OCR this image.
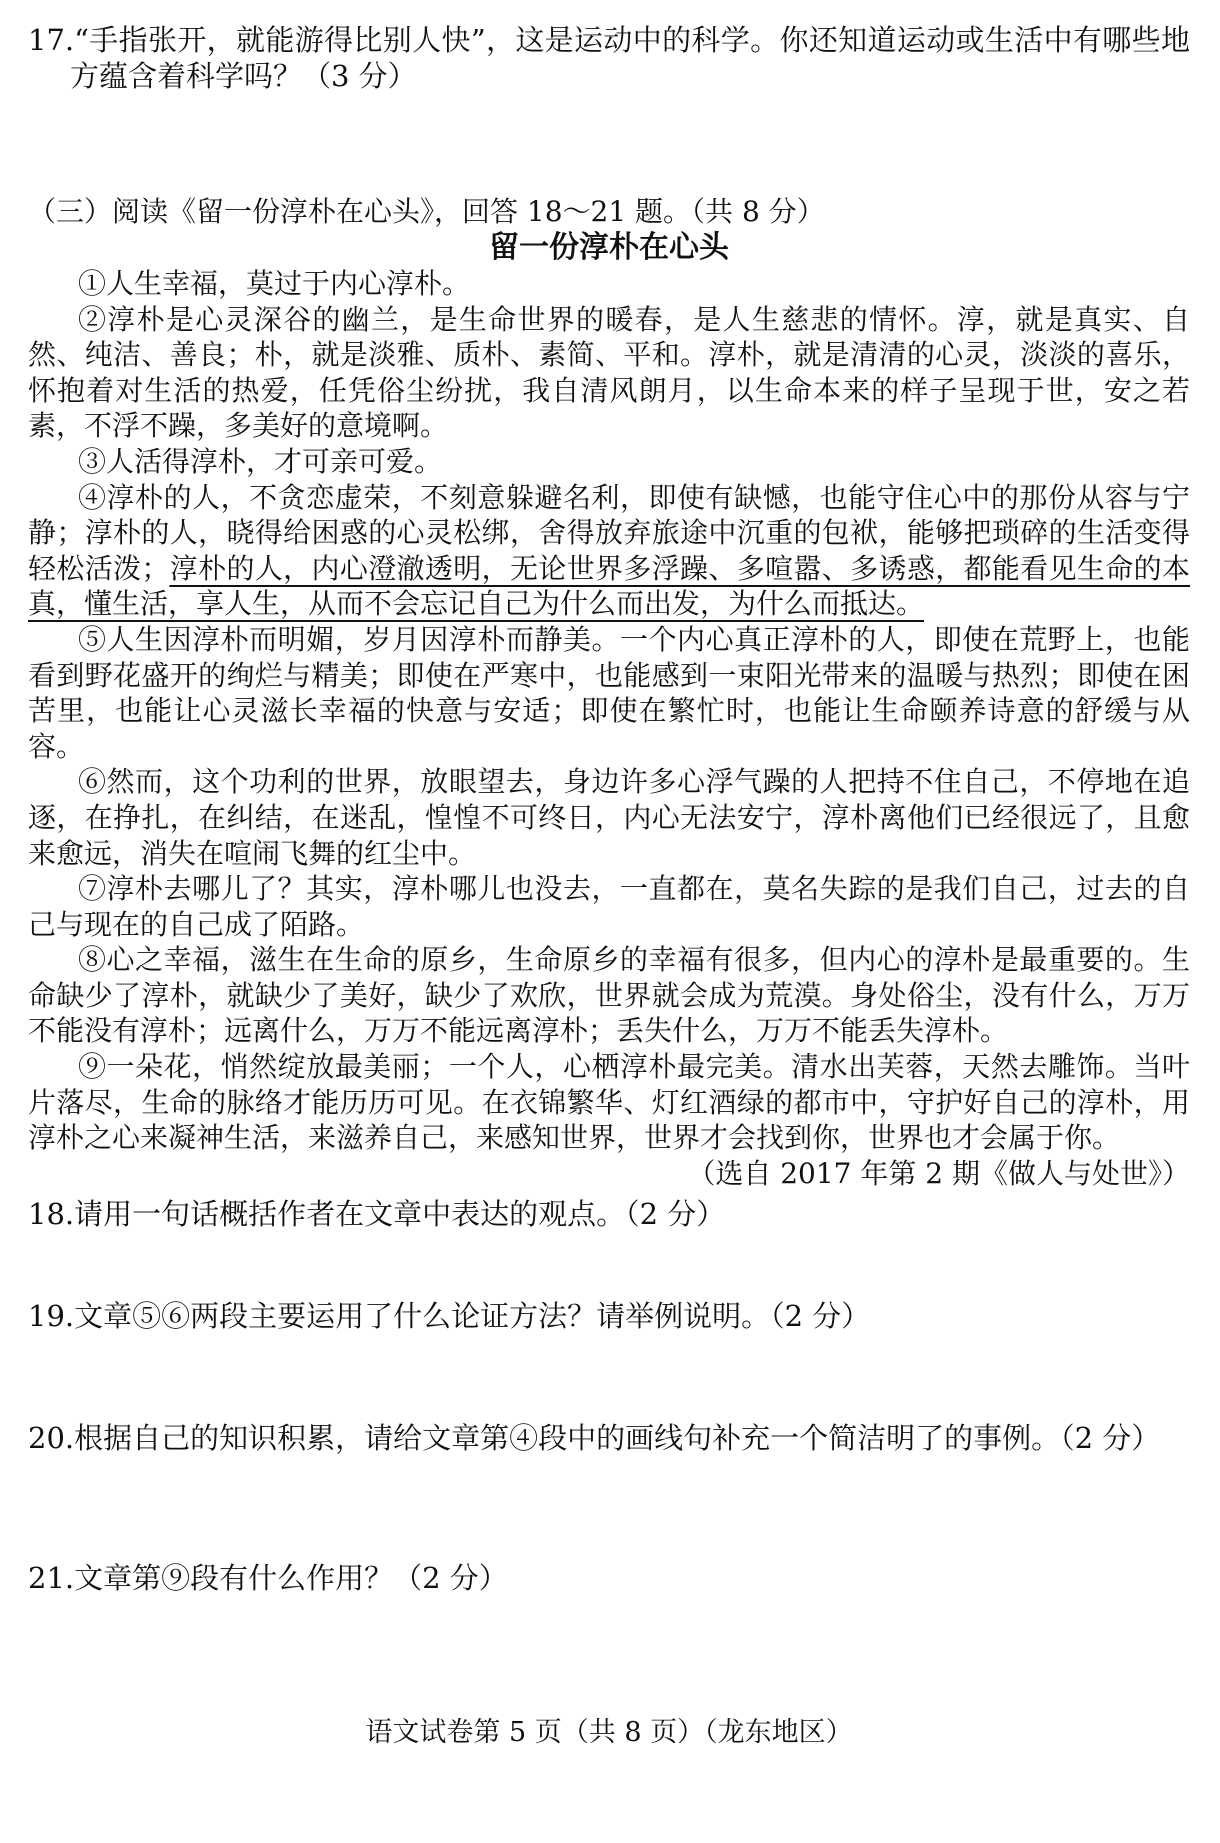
17.“手指张开，就能游得比别人快”，这是运动中的科学。你还知道运动或生活中有哪些地方蕴含着科学吗？（3 分）

（三）阅读《留一份淳朴在心头》，回答 18～21 题。（共 8 分）

留一份淳朴在心头

①人生幸福，莫过于内心淳朴。

②淳朴是心灵深谷的幽兰，是生命世界的暖春，是人生慈悲的情怀。淳，就是真实、自然、纯洁、善良；朴，就是淡雅、质朴、素简、平和。淳朴，就是清清的心灵，淡淡的喜乐，怀抱着对生活的热爱，任凭俗尘纷扰，我自清风朗月，以生命本来的样子呈现于世，安之若素，不浮不躁，多美好的意境啊。

③人活得淳朴，才可亲可爱。

④淳朴的人，不贪恋虚荣，不刻意躲避名利，即使有缺憾，也能守住心中的那份从容与宁静；淳朴的人，晓得给困惑的心灵松绑，舍得放弃旅途中沉重的包袱，能够把琐碎的生活变得轻松活泼；淳朴的人，内心澄澈透明，无论世界多浮躁、多喧嚣、多诱惑，都能看见生命的本真，懂生活，享人生，从而不会忘记自己为什么而出发，为什么而抵达。

⑤人生因淳朴而明媚，岁月因淳朴而静美。一个内心真正淳朴的人，即使在荒野上，也能看到野花盛开的绚烂与精美；即使在严寒中，也能感到一束阳光带来的温暖与热烈；即使在困苦里，也能让心灵滋长幸福的快意与安适；即使在繁忙时，也能让生命颐养诗意的舒缓与从容。

⑥然而，这个功利的世界，放眼望去，身边许多心浮气躁的人把持不住自己，不停地在追逐，在挣扎，在纠结，在迷乱，惶惶不可终日，内心无法安宁，淳朴离他们已经很远了，且愈来愈远，消失在喧闹飞舞的红尘中。

⑦淳朴去哪儿了？其实，淳朴哪儿也没去，一直都在，莫名失踪的是我们自己，过去的自己与现在的自己成了陌路。

⑧心之幸福，滋生在生命的原乡，生命原乡的幸福有很多，但内心的淳朴是最重要的。生命缺少了淳朴，就缺少了美好，缺少了欢欣，世界就会成为荒漠。身处俗尘，没有什么，万万不能没有淳朴；远离什么，万万不能远离淳朴；丢失什么，万万不能丢失淳朴。

⑨一朵花，悄然绽放最美丽；一个人，心栖淳朴最完美。清水出芙蓉，天然去雕饰。当叶片落尽，生命的脉络才能历历可见。在衣锦繁华、灯红酒绿的都市中，守护好自己的淳朴，用淳朴之心来凝神生活，来滋养自己，来感知世界，世界才会找到你，世界也才会属于你。

（选自 2017 年第 2 期《做人与处世》）

18.请用一句话概括作者在文章中表达的观点。（2 分）

19.文章⑤⑥两段主要运用了什么论证方法？请举例说明。（2 分）

20.根据自己的知识积累，请给文章第④段中的画线句补充一个简洁明了的事例。（2 分）

21.文章第⑨段有什么作用？（2 分）

语文试卷第 5 页（共 8 页）（龙东地区）
